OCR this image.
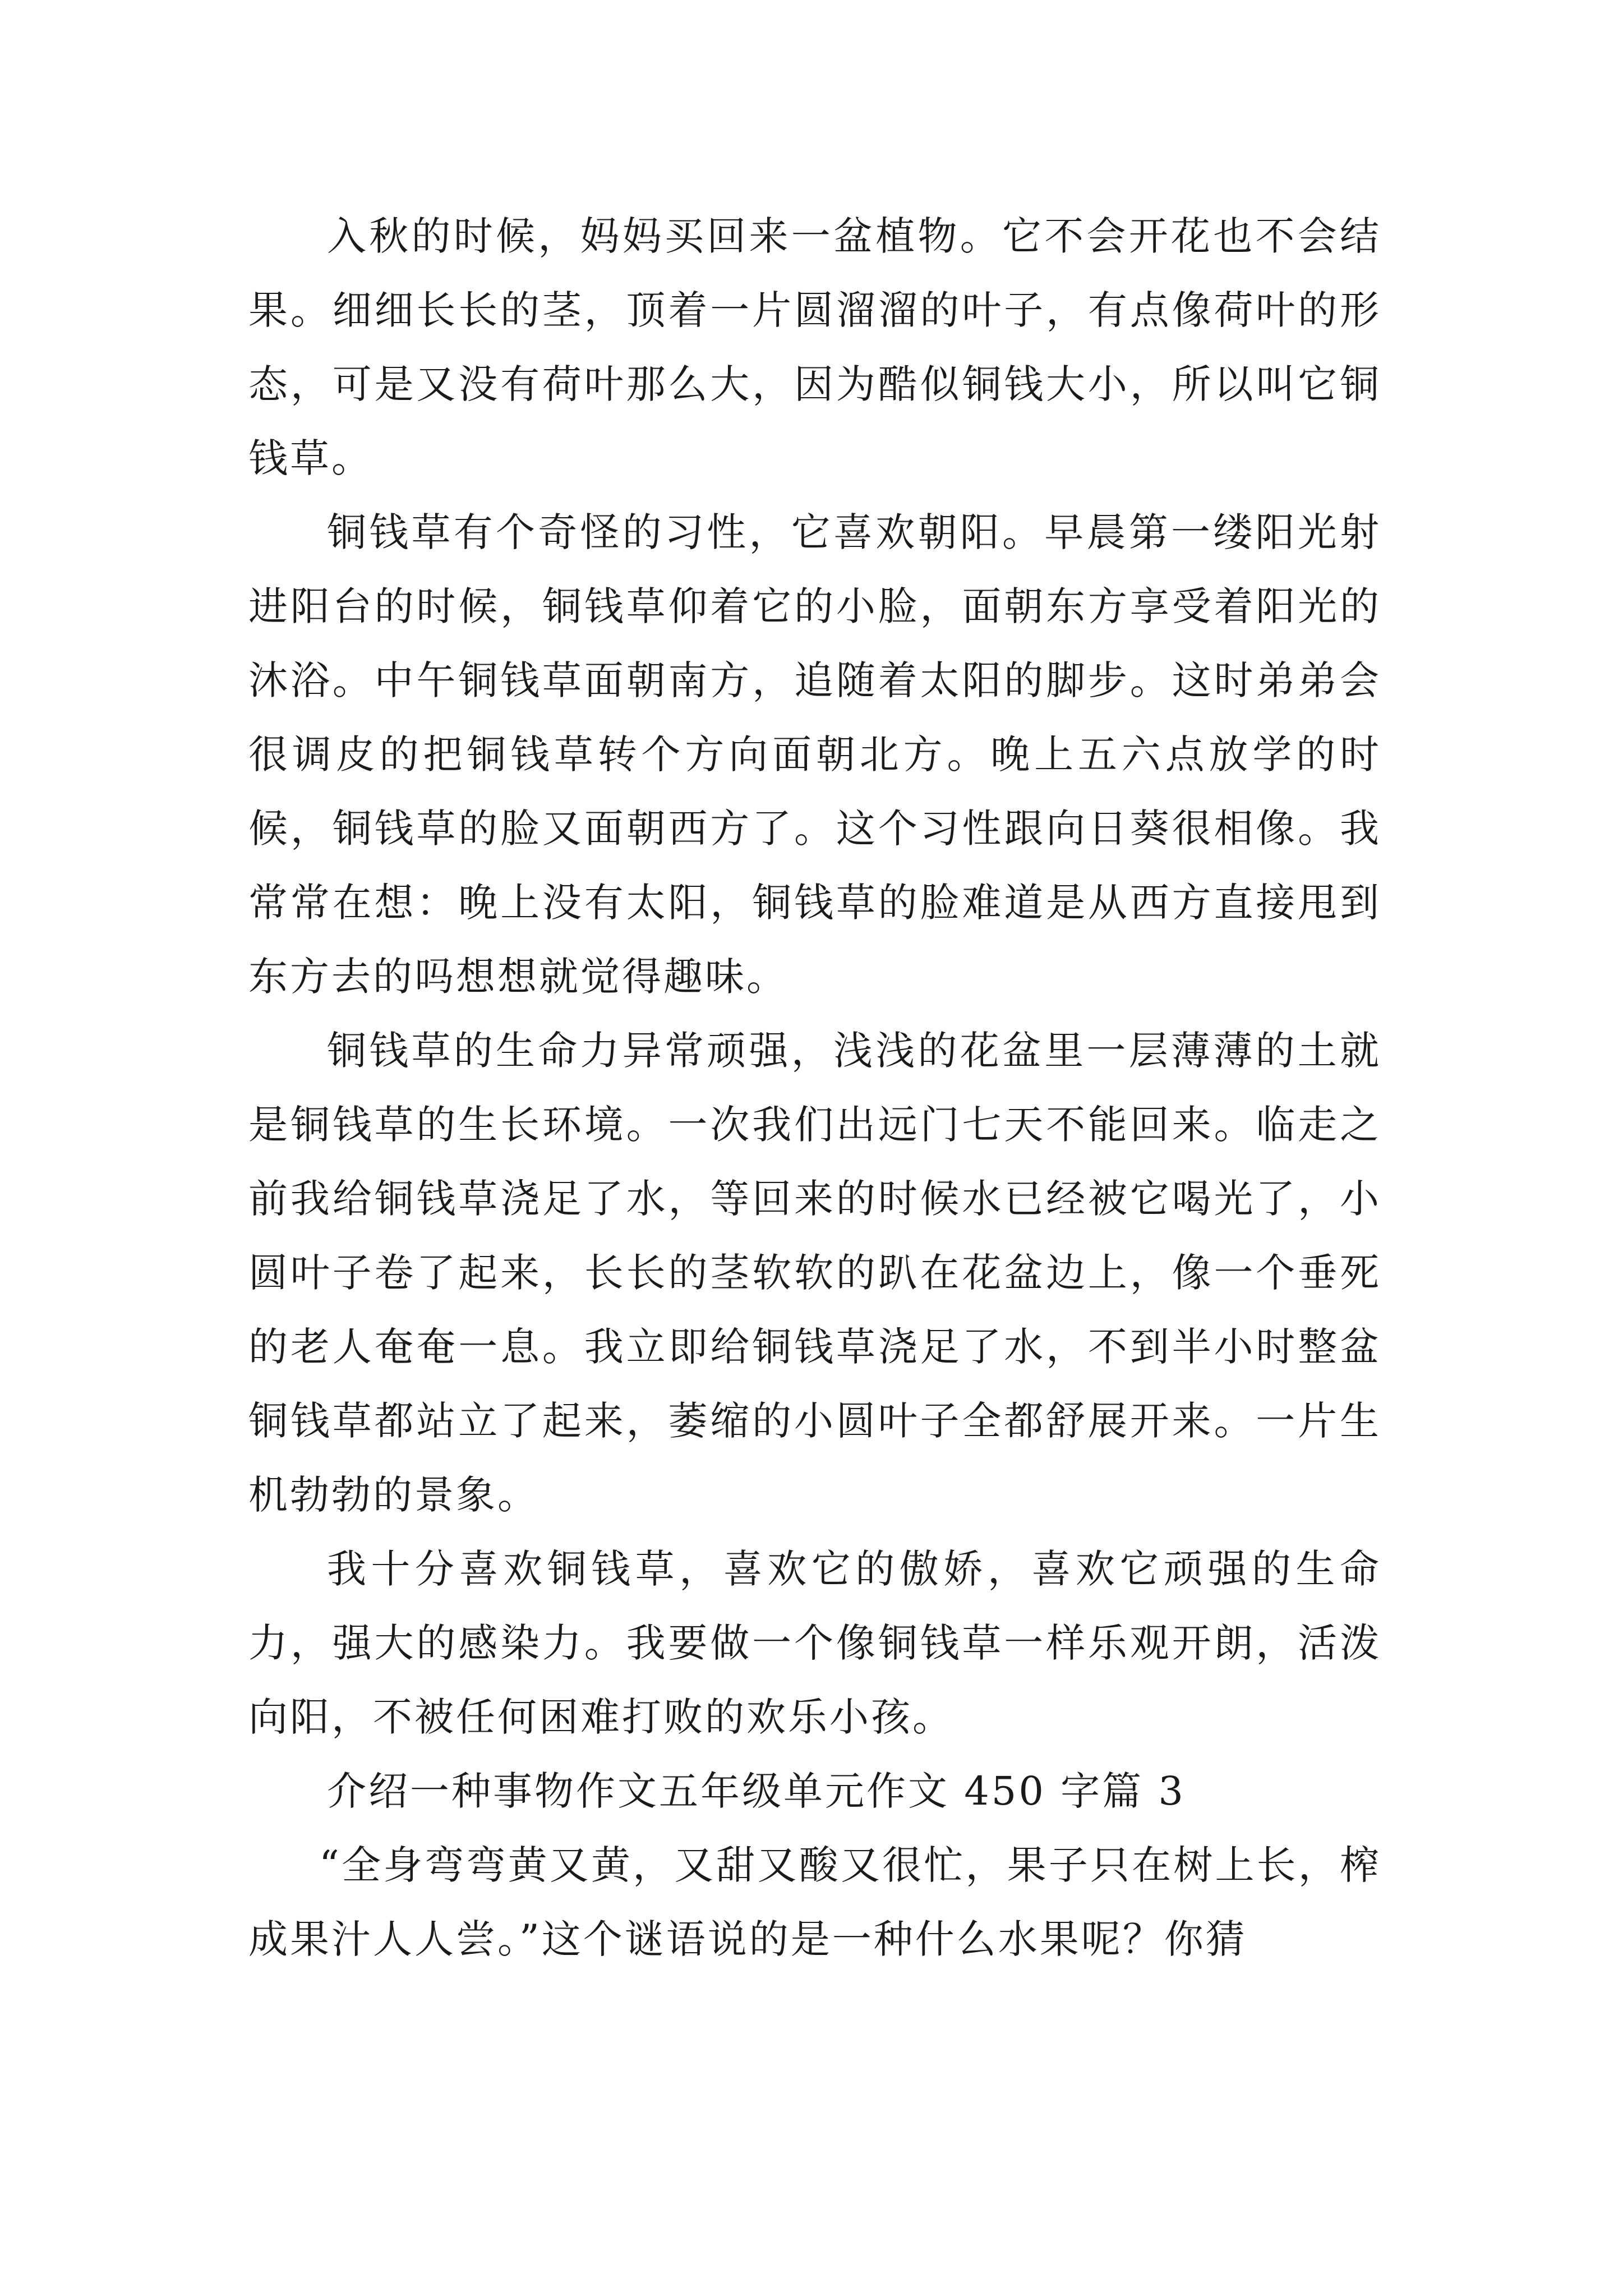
入秋的时候，妈妈买回来一盆植物。它不会开花也不会结果。细细长长的茎，顶着一片圆溜溜的叶子，有点像荷叶的形态，可是又没有荷叶那么大，因为酷似铜钱大小，所以叫它铜钱草。

铜钱草有个奇怪的习性，它喜欢朝阳。早晨第一缕阳光射进阳台的时候，铜钱草仰着它的小脸，面朝东方享受着阳光的沐浴。中午铜钱草面朝南方，追随着太阳的脚步。这时弟弟会很调皮的把铜钱草转个方向面朝北方。晚上五六点放学的时候，铜钱草的脸又面朝西方了。这个习性跟向日葵很相像。我常常在想：晚上没有太阳，铜钱草的脸难道是从西方直接甩到东方去的吗想想就觉得趣味。

铜钱草的生命力异常顽强，浅浅的花盆里一层薄薄的土就是铜钱草的生长环境。一次我们出远门七天不能回来。临走之前我给铜钱草浇足了水，等回来的时候水已经被它喝光了，小圆叶子卷了起来，长长的茎软软的趴在花盆边上，像一个垂死的老人奄奄一息。我立即给铜钱草浇足了水，不到半小时整盆铜钱草都站立了起来，萎缩的小圆叶子全都舒展开来。一片生机勃勃的景象。

我十分喜欢铜钱草，喜欢它的傲娇，喜欢它顽强的生命力，强大的感染力。我要做一个像铜钱草一样乐观开朗，活泼向阳，不被任何困难打败的欢乐小孩。

介绍一种事物作文五年级单元作文 450 字篇 3

“全身弯弯黄又黄，又甜又酸又很忙，果子只在树上长，榨成果汁人人尝。”这个谜语说的是一种什么水果呢？你猜
